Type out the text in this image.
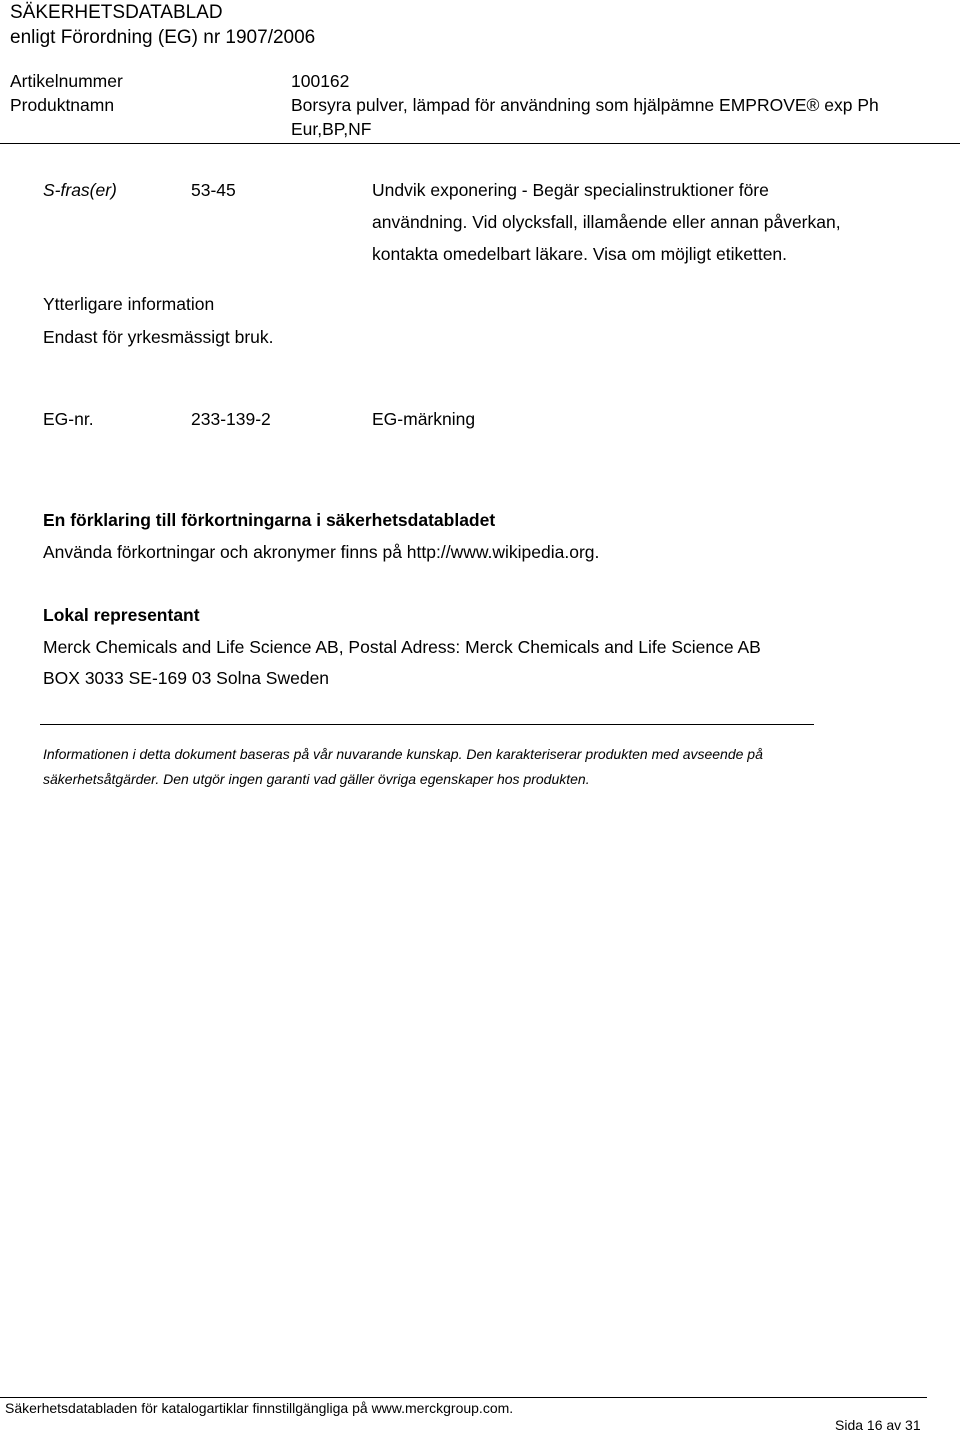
SÄKERHETSDATABLAD
enligt Förordning (EG) nr 1907/2006
Artikelnummer	100162
Produktnamn	Borsyra pulver, lämpad för användning som hjälpämne EMPROVE® exp Ph
Eur,BP,NF
S-fras(er)	53-45	Undvik exponering - Begär specialinstruktioner före
användning. Vid olycksfall, illamående eller annan påverkan,
kontakta omedelbart läkare. Visa om möjligt etiketten.
Ytterligare information
Endast för yrkesmässigt bruk.
EG-nr.	233-139-2	EG-märkning
En förklaring till förkortningarna i säkerhetsdatabladet
Använda förkortningar och akronymer finns på http://www.wikipedia.org.
Lokal representant
Merck Chemicals and Life Science AB, Postal Adress: Merck Chemicals and Life Science AB
BOX 3033 SE-169 03 Solna Sweden
Informationen i detta dokument baseras på vår nuvarande kunskap. Den karakteriserar produkten med avseende på
säkerhetsåtgärder. Den utgör ingen garanti vad gäller övriga egenskaper hos produkten.
Säkerhetsdatabladen för katalogartiklar finnstillgängliga på www.merckgroup.com.
Sida 16 av 31
